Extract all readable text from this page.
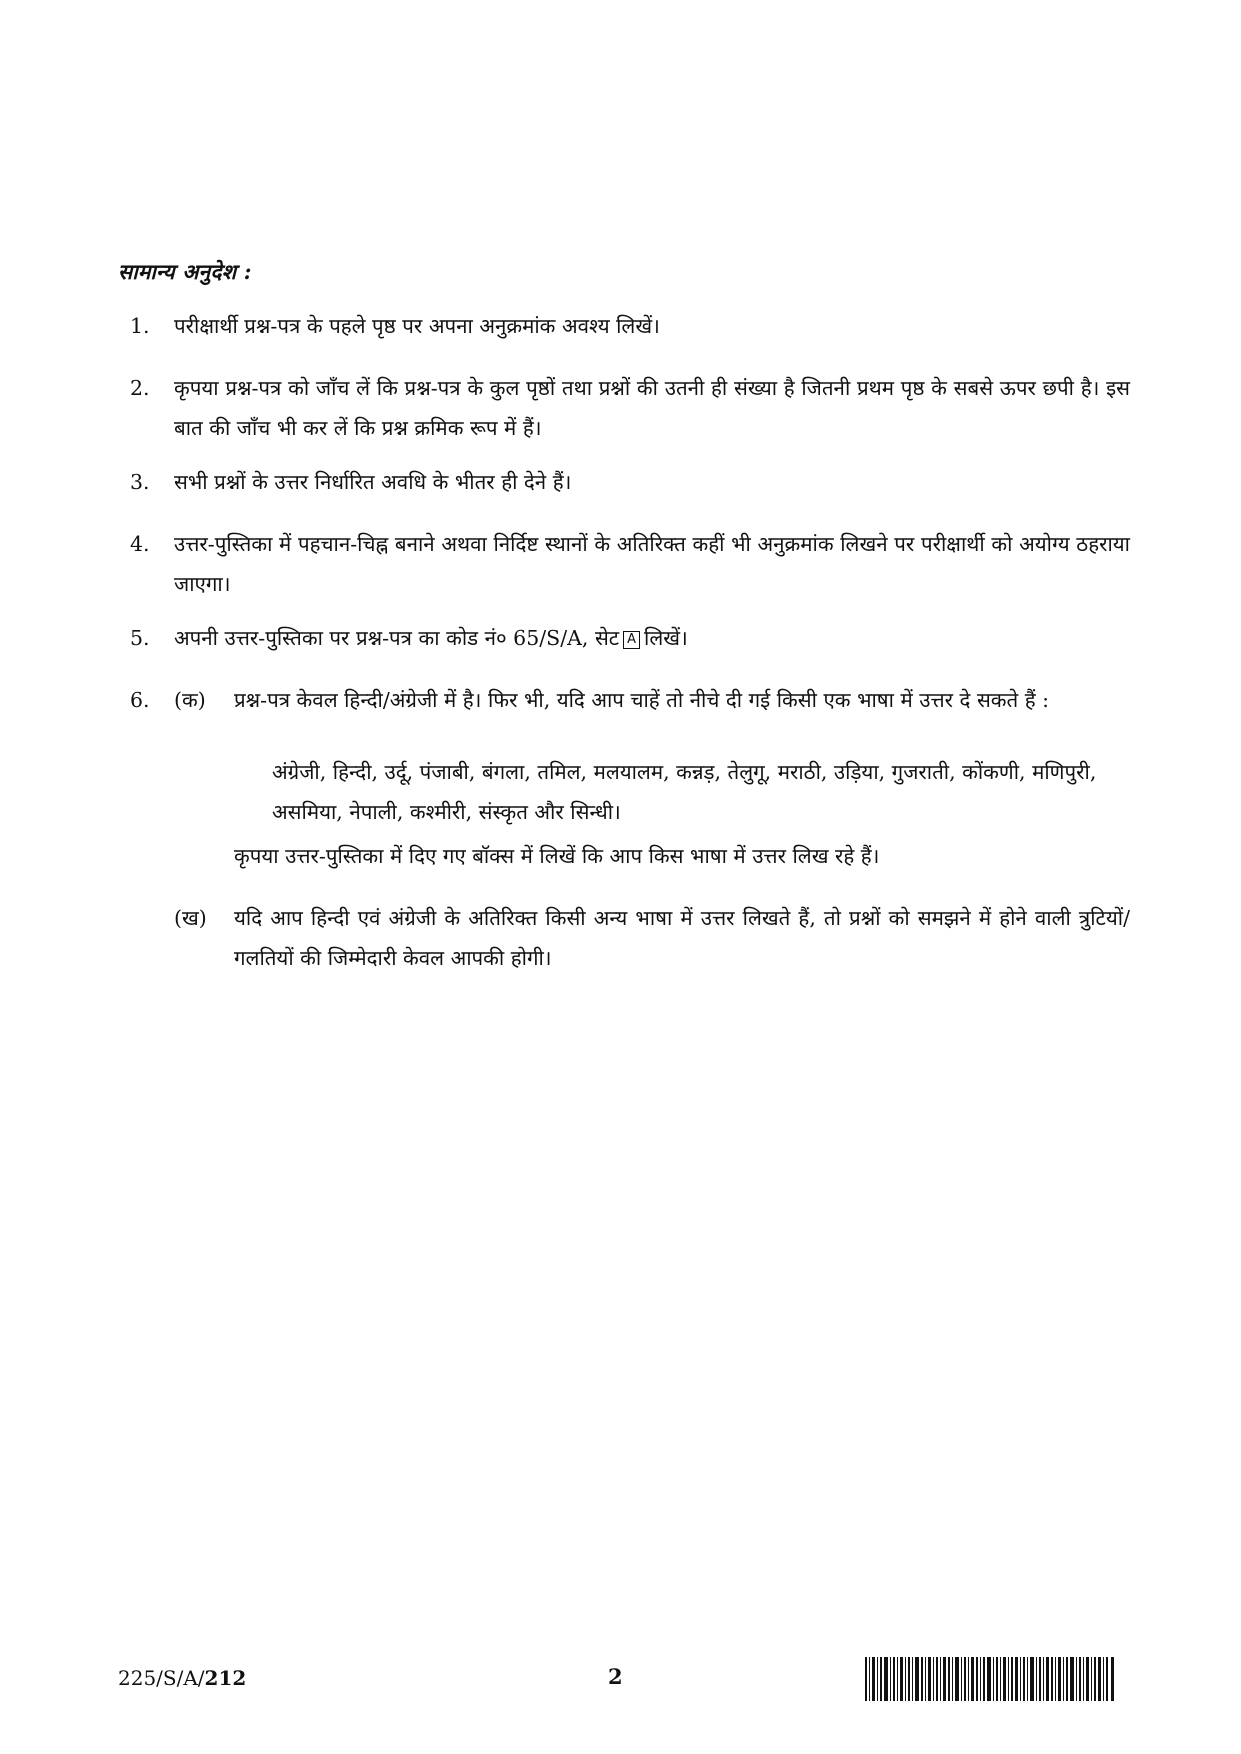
सामान्य अनुदेश :
1.	परीक्षार्थी प्रश्न-पत्र के पहले पृष्ठ पर अपना अनुक्रमांक अवश्य लिखें।
2.	कृपया प्रश्न-पत्र को जाँच लें कि प्रश्न-पत्र के कुल पृष्ठों तथा प्रश्नों की उतनी ही संख्या है जितनी प्रथम पृष्ठ के सबसे ऊपर छपी है। इस बात की जाँच भी कर लें कि प्रश्न क्रमिक रूप में हैं।
3.	सभी प्रश्नों के उत्तर निर्धारित अवधि के भीतर ही देने हैं।
4.	उत्तर-पुस्तिका में पहचान-चिह्न बनाने अथवा निर्दिष्ट स्थानों के अतिरिक्त कहीं भी अनुक्रमांक लिखने पर परीक्षार्थी को अयोग्य ठहराया जाएगा।
5.	अपनी उत्तर-पुस्तिका पर प्रश्न-पत्र का कोड नं० 65/S/A, सेट A लिखें।
6.	(क) प्रश्न-पत्र केवल हिन्दी/अंग्रेजी में है। फिर भी, यदि आप चाहें तो नीचे दी गई किसी एक भाषा में उत्तर दे सकते हैं :
अंग्रेजी, हिन्दी, उर्दू, पंजाबी, बंगला, तमिल, मलयालम, कन्नड़, तेलुगू, मराठी, उड़िया, गुजराती, कोंकणी, मणिपुरी, असमिया, नेपाली, कश्मीरी, संस्कृत और सिन्धी।
कृपया उत्तर-पुस्तिका में दिए गए बॉक्स में लिखें कि आप किस भाषा में उत्तर लिख रहे हैं।
(ख) यदि आप हिन्दी एवं अंग्रेजी के अतिरिक्त किसी अन्य भाषा में उत्तर लिखते हैं, तो प्रश्नों को समझने में होने वाली त्रुटियों/गलतियों की जिम्मेदारी केवल आपकी होगी।
225/S/A/212	2
